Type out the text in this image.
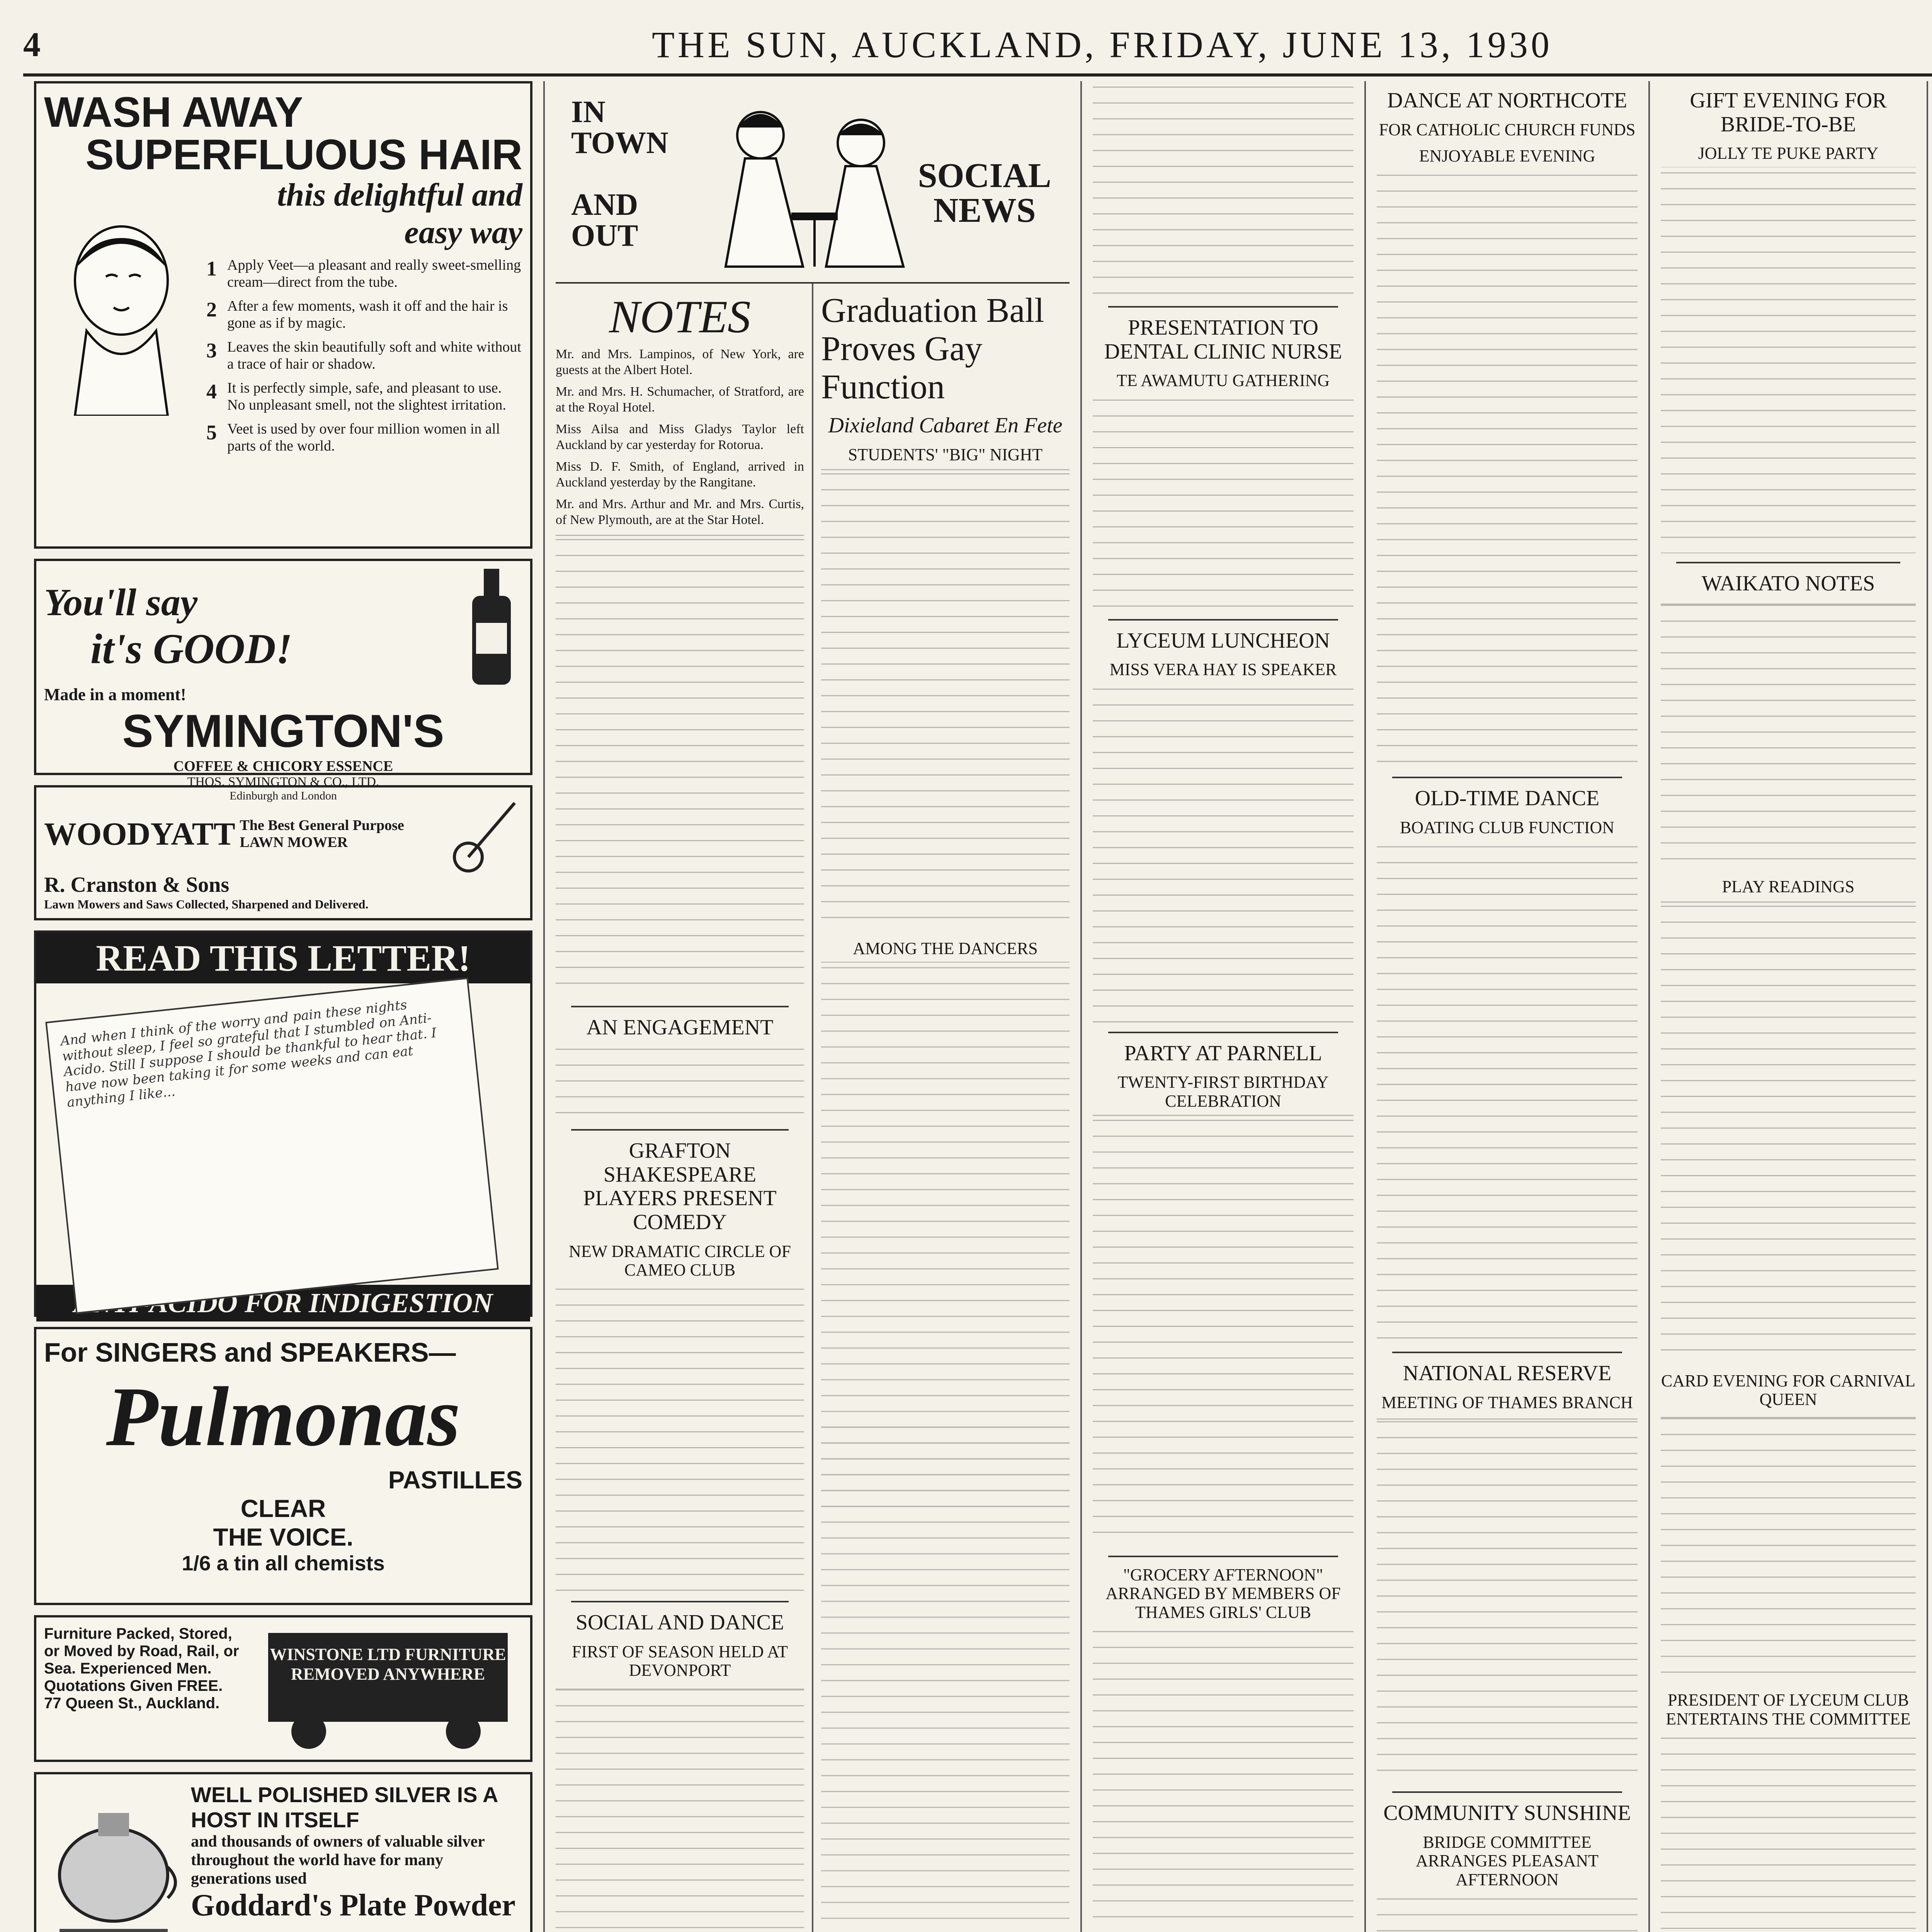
4	THE SUN, AUCKLAND, FRIDAY, JUNE 13, 1930
WASH AWAY
SUPERFLUOUS HAIR
this delightful and
easy way
1 Apply Veet—a pleasant and really sweet-smelling cream—direct from the tube.
2 After a few moments, wash it off and the hair is gone as if by magic.
3 Leaves the skin beautifully soft and white without a trace of hair or shadow.
4 It is perfectly simple, safe, and pleasant to use. No unpleasant smell, not the slightest irritation.
5 Veet is used by over four million women in all parts of the world.
You'll say
it's GOOD!
Made in a moment!
SYMINGTON'S
COFFEE & CHICORY ESSENCE
THOS. SYMINGTON & CO., LTD.
Edinburgh and London
WOODYATT The Best General Purpose LAWN MOWER
R. Cranston & Sons
Lawn Mowers and Saws Collected, Sharpened and Delivered.
READ THIS LETTER!
And when I think of the worry and pain these nights without sleep, I feel so grateful that I stumbled on Anti-Acido. Still I suppose I should be thankful to hear that. I have now been taking it for some weeks and can eat anything I like...
ANTI-ACIDO FOR INDIGESTION
For SINGERS and SPEAKERS—
Pulmonas
PASTILLES
CLEAR
THE VOICE.
1/6 a tin all chemists
Furniture Packed, Stored, or Moved by Road, Rail, or Sea. Experienced Men. Quotations Given FREE.
77 Queen St., Auckland.
WINSTONE LTD FURNITURE REMOVED ANYWHERE
WELL POLISHED SILVER IS A HOST IN ITSELF
and thousands of owners of valuable silver throughout the world have for many generations used
Goddard's Plate Powder
IN TOWN
AND OUT
SOCIAL NEWS
NOTES

Mr. and Mrs. Lampinos, of New York, are guests at the Albert Hotel.

Mr. and Mrs. H. Schumacher, of Stratford, are at the Royal Hotel.

Miss Ailsa and Miss Gladys Taylor left Auckland by car yesterday for Rotorua.

Miss D. F. Smith, of England, arrived in Auckland yesterday by the Rangitane.

Mr. and Mrs. Arthur and Mr. and Mrs. Curtis, of New Plymouth, are at the Star Hotel.

AN ENGAGEMENT
GRAFTON SHAKESPEARE PLAYERS PRESENT COMEDY
NEW DRAMATIC CIRCLE OF CAMEO CLUB
SOCIAL AND DANCE
FIRST OF SEASON HELD AT DEVONPORT
Graduation Ball Proves Gay Function
Dixieland Cabaret En Fete
STUDENTS' "BIG" NIGHT
AMONG THE DANCERS
PRESENTATION TO DENTAL CLINIC NURSE
TE AWAMUTU GATHERING
LYCEUM LUNCHEON
MISS VERA HAY IS SPEAKER
PARTY AT PARNELL
TWENTY-FIRST BIRTHDAY CELEBRATION
"GROCERY AFTERNOON" ARRANGED BY MEMBERS OF THAMES GIRLS' CLUB
DANCE AT NORTHCOTE
FOR CATHOLIC CHURCH FUNDS
ENJOYABLE EVENING
OLD-TIME DANCE
BOATING CLUB FUNCTION
NATIONAL RESERVE
MEETING OF THAMES BRANCH
COMMUNITY SUNSHINE
BRIDGE COMMITTEE ARRANGES PLEASANT AFTERNOON
GIFT EVENING FOR BRIDE-TO-BE
JOLLY TE PUKE PARTY
WAIKATO NOTES
PLAY READINGS
CARD EVENING FOR CARNIVAL QUEEN
PRESIDENT OF LYCEUM CLUB ENTERTAINS THE COMMITTEE
